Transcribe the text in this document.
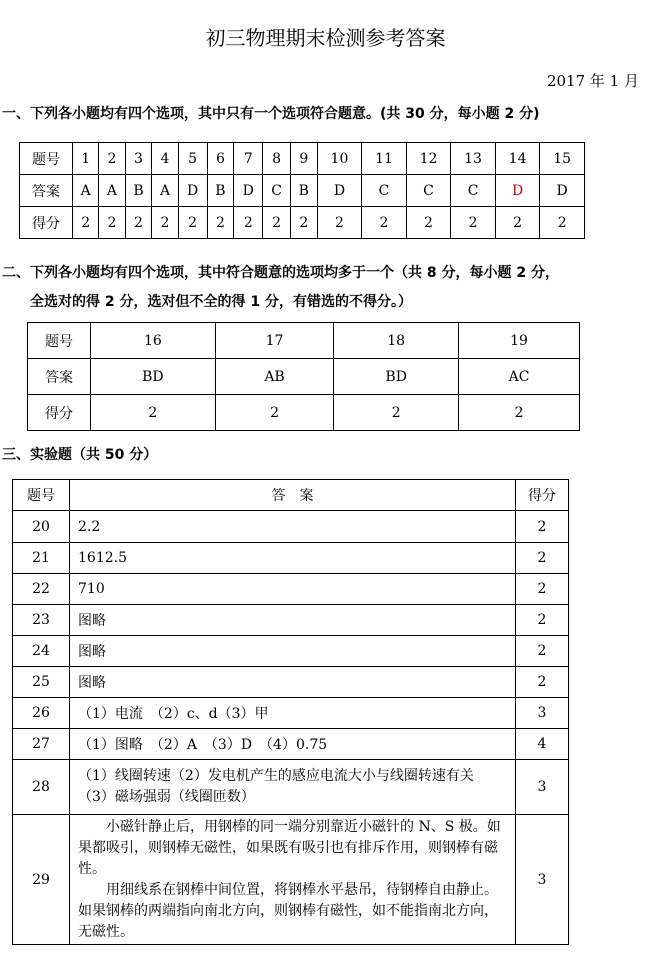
初三物理期末检测参考答案
2017 年 1 月
一、下列各小题均有四个选项，其中只有一个选项符合题意。(共 30 分，每小题 2 分)
题号	1	2	3	4	5	6	7	8	9	10	11	12	13	14	15
答案	A	A	B	A	D	B	D	C	B	D	C	C	C	D	D
得分	2	2	2	2	2	2	2	2	2	2	2	2	2	2	2
二、下列各小题均有四个选项，其中符合题意的选项均多于一个（共 8 分，每小题 2 分，
全选对的得 2 分，选对但不全的得 1 分，有错选的不得分。）
题号	16	17	18	19
答案	BD	AB	BD	AC
得分	2	2	2	2
三、实验题（共 50 分）
题号	答　案	得分
20	2.2	2
21	1612.5	2
22	710	2
23	图略	2
24	图略	2
25	图略	2
26	（1）电流　（2）c、d（3）甲	3
27	（1）图略　（2）A　（3）D　（4）0.75	4
28	（1）线圈转速（2）发电机产生的感应电流大小与线圈转速有关
（3）磁场强弱（线圈匝数）	3
29	小磁针静止后，用钢棒的同一端分别靠近小磁针的 N、S 极。如果都吸引，则钢棒无磁性，如果既有吸引也有排斥作用，则钢棒有磁性。
用细线系在钢棒中间位置，将钢棒水平悬吊，待钢棒自由静止。如果钢棒的两端指向南北方向，则钢棒有磁性，如不能指南北方向，无磁性。	3
